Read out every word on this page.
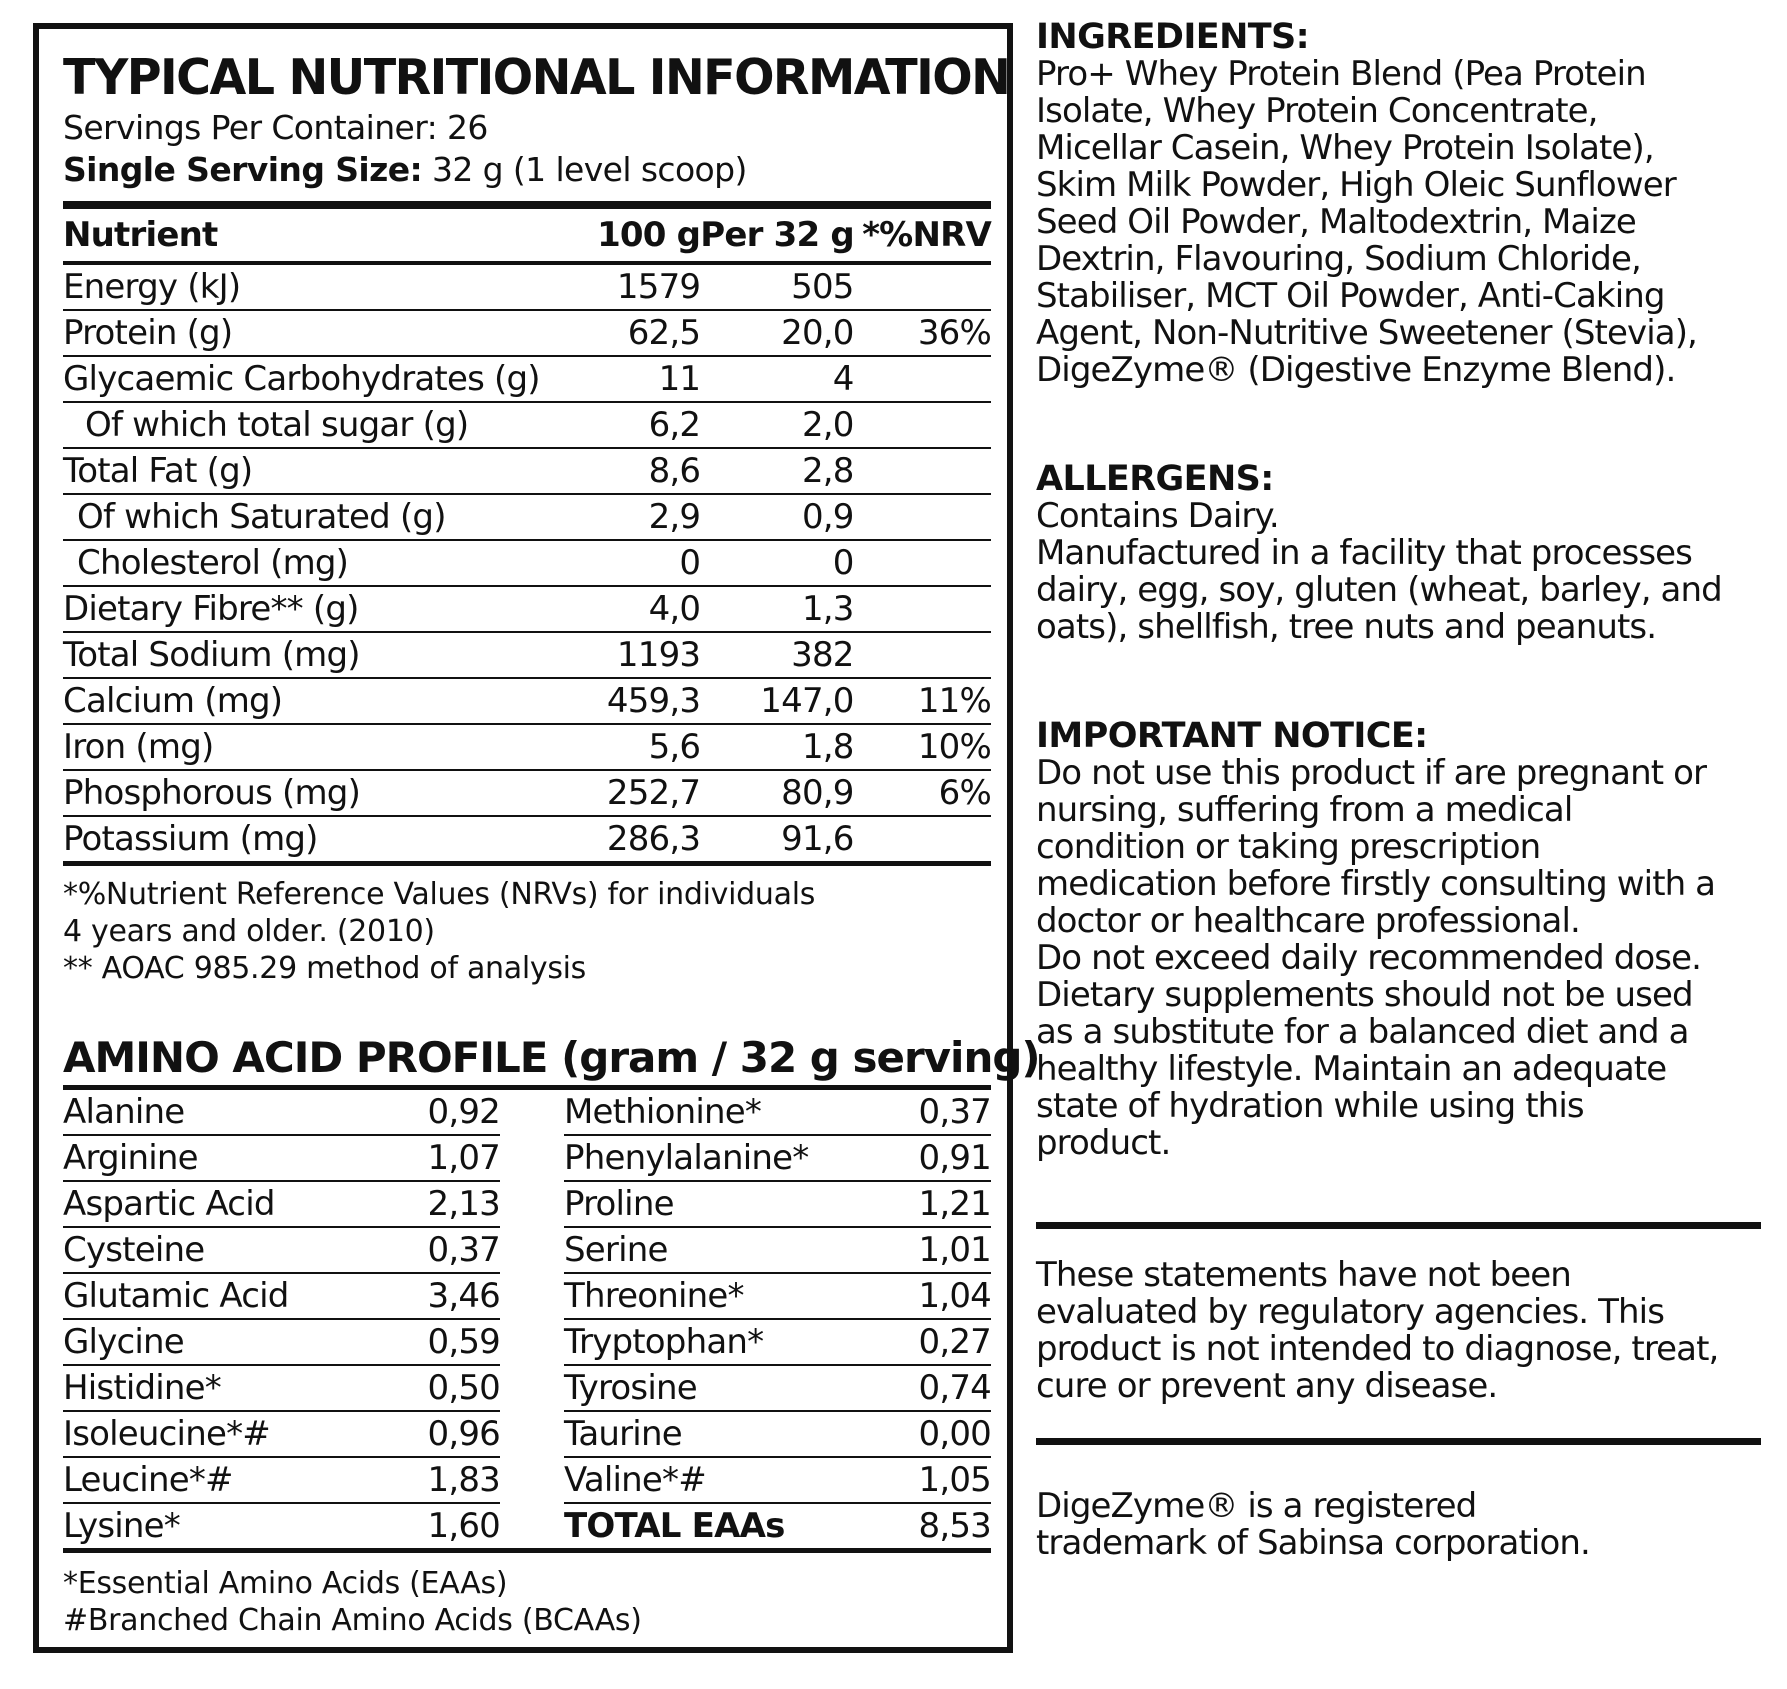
TYPICAL NUTRITIONAL INFORMATION
Servings Per Container: 26
Single Serving Size: 32 g (1 level scoop)
Nutrient	100 g	Per 32 g	*%NRV
Energy (kJ)	1579	505	
Protein (g)	62,5	20,0	36%
Glycaemic Carbohydrates (g)	11	4	
Of which total sugar (g)	6,2	2,0	
Total Fat (g)	8,6	2,8	
Of which Saturated (g)	2,9	0,9	
Cholesterol (mg)	0	0	
Dietary Fibre** (g)	4,0	1,3	
Total Sodium (mg)	1193	382	
Calcium (mg)	459,3	147,0	11%
Iron (mg)	5,6	1,8	10%
Phosphorous (mg)	252,7	80,9	6%
Potassium (mg)	286,3	91,6	
*%Nutrient Reference Values (NRVs) for individuals
4 years and older. (2010)
** AOAC 985.29 method of analysis
AMINO ACID PROFILE (gram / 32 g serving)
Alanine	0,92
Arginine	1,07
Aspartic Acid	2,13
Cysteine	0,37
Glutamic Acid	3,46
Glycine	0,59
Histidine*	0,50
Isoleucine*#	0,96
Leucine*#	1,83
Lysine*	1,60
Methionine*	0,37
Phenylalanine*	0,91
Proline	1,21
Serine	1,01
Threonine*	1,04
Tryptophan*	0,27
Tyrosine	0,74
Taurine	0,00
Valine*#	1,05
TOTAL EAAs	8,53
*Essential Amino Acids (EAAs)
#Branched Chain Amino Acids (BCAAs)
INGREDIENTS:
Pro+ Whey Protein Blend (Pea Protein
Isolate, Whey Protein Concentrate,
Micellar Casein, Whey Protein Isolate),
Skim Milk Powder, High Oleic Sunflower
Seed Oil Powder, Maltodextrin, Maize
Dextrin, Flavouring, Sodium Chloride,
Stabiliser, MCT Oil Powder, Anti-Caking
Agent, Non-Nutritive Sweetener (Stevia),
DigeZyme® (Digestive Enzyme Blend).
ALLERGENS:
Contains Dairy.
Manufactured in a facility that processes
dairy, egg, soy, gluten (wheat, barley, and
oats), shellfish, tree nuts and peanuts.
IMPORTANT NOTICE:
Do not use this product if are pregnant or
nursing, suffering from a medical
condition or taking prescription
medication before firstly consulting with a
doctor or healthcare professional.
Do not exceed daily recommended dose.
Dietary supplements should not be used
as a substitute for a balanced diet and a
healthy lifestyle. Maintain an adequate
state of hydration while using this
product.
These statements have not been
evaluated by regulatory agencies. This
product is not intended to diagnose, treat,
cure or prevent any disease.
DigeZyme® is a registered
trademark of Sabinsa corporation.
